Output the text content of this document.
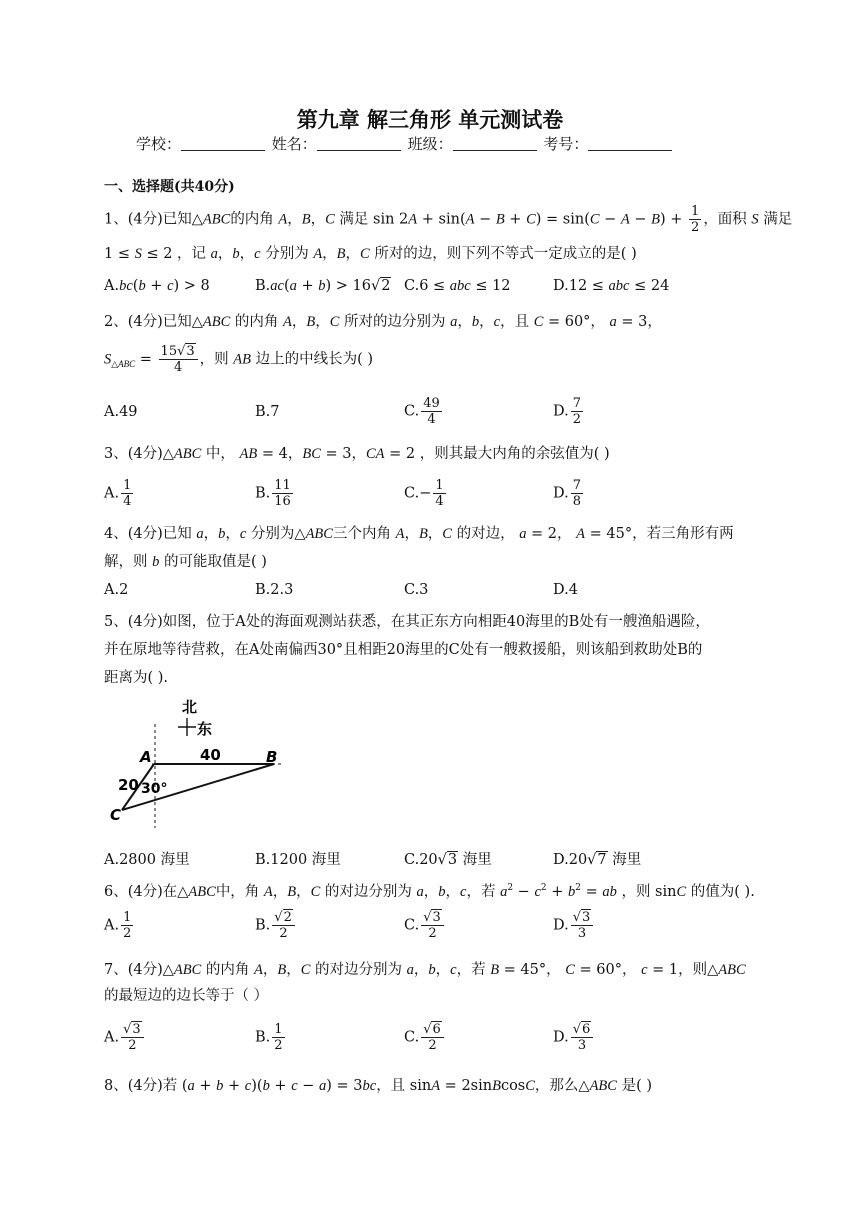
第九章 解三角形 单元测试卷
学校：	姓名：	班级：	考号：
一、选择题(共40分)
1、(4分)已知△ABC的内角 A，B，C 满足 $\sin 2A + \sin(A - B + C) = \sin(C - A - B) + \frac{1}{2}$ ，面积 S 满足
1 ≤ S ≤ 2 ，记 a，b，c 分别为 A，B，C 所对的边，则下列不等式一定成立的是( )
A.bc(b + c) > 8	B.ac(a + b) > 16√2 C.6 ≤ abc ≤ 12	D.12 ≤ abc ≤ 24
2、(4分)已知△ABC 的内角 A，B，C 所对的边分别为 a，b，c，且 C = 60°， a = 3，
$S_{\triangle ABC} = \frac{15√3}{4}$ ，则 AB 边上的中线长为( )
A.49	B.7	C. $\frac{49}{4}$	D. $\frac{7}{2}$
3、(4分)△ABC 中， AB = 4，BC = 3，CA = 2 ，则其最大内角的余弦值为( )
A. $\frac{1}{4}$	B. $\frac{11}{16}$	$C.- \frac{1}{4}$	D. $\frac{7}{8}$
4、(4分)已知 a，b，c 分别为△ABC三个内角 A，B，C 的对边， a = 2， A = 45°，若三角形有两
解，则 b 的可能取值是( )
A.2	B.2.3	C.3	D.4
5、(4分)如图，位于A处的海面观测站获悉，在其正东方向相距40海里的B处有一艘渔船遇险，
并在原地等待营救，在A处南偏西30°且相距20海里的C处有一艘救援船，则该船到救助处B的
距离为( ).
北
东
A	B
C
40
20 30°
A.2800 海里	B.1200 海里	C.20√3 海里	D.20√7 海里
6、(4分)在△ABC中，角 A，B，C 的对边分别为 a，b，c，若 $a^2 - c^2 + b^2$ = ab ，则 sinC 的值为( ).
A. $\frac{1}{2}$	B. $\frac{√2}{2}$	C. $\frac{√3}{2}$	D. $\frac{√3}{3}$
7、(4分)△ABC 的内角 A，B，C 的对边分别为 a，b，c，若 B = 45°， C = 60°， c = 1，则△ABC
的最短边的边长等于（ ）
A. $\frac{√3}{2}$	B. $\frac{1}{2}$	C. $\frac{√6}{2}$	D. $\frac{√6}{3}$
8、(4分)若 (a + b + c)(b + c − a) = 3bc，且 sinA = 2sinBcosC，那么△ABC 是( )
